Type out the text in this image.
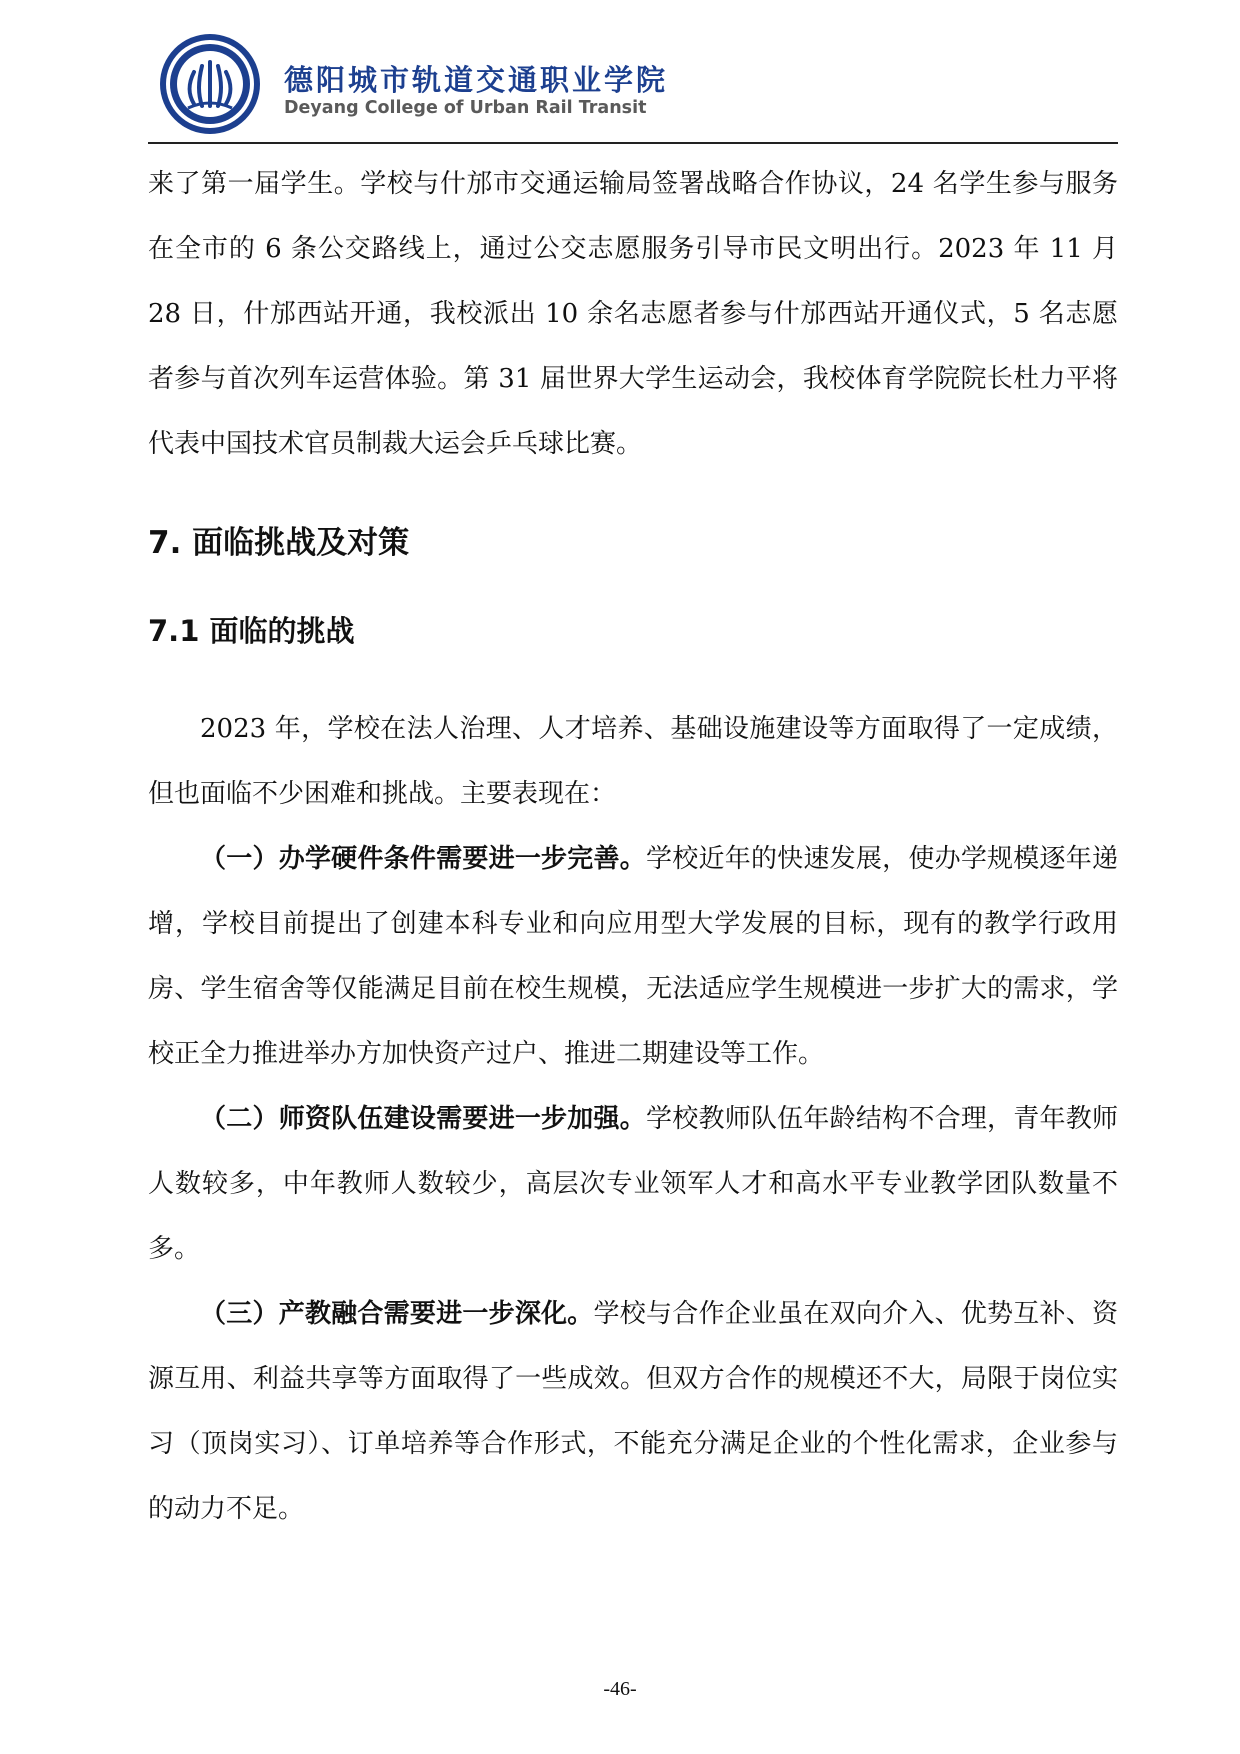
德阳城市轨道交通职业学院
Deyang College of Urban Rail Transit

来了第一届学生。学校与什邡市交通运输局签署战略合作协议，24 名学生参与服务在全市的 6 条公交路线上，通过公交志愿服务引导市民文明出行。2023 年 11 月 28 日，什邡西站开通，我校派出 10 余名志愿者参与什邡西站开通仪式，5 名志愿者参与首次列车运营体验。第 31 届世界大学生运动会，我校体育学院院长杜力平将代表中国技术官员制裁大运会乒乓球比赛。

7. 面临挑战及对策
7.1 面临的挑战

2023 年，学校在法人治理、人才培养、基础设施建设等方面取得了一定成绩，但也面临不少困难和挑战。主要表现在：

（一）办学硬件条件需要进一步完善。学校近年的快速发展，使办学规模逐年递增，学校目前提出了创建本科专业和向应用型大学发展的目标，现有的教学行政用房、学生宿舍等仅能满足目前在校生规模，无法适应学生规模进一步扩大的需求，学校正全力推进举办方加快资产过户、推进二期建设等工作。

（二）师资队伍建设需要进一步加强。学校教师队伍年龄结构不合理，青年教师人数较多，中年教师人数较少，高层次专业领军人才和高水平专业教学团队数量不多。

（三）产教融合需要进一步深化。学校与合作企业虽在双向介入、优势互补、资源互用、利益共享等方面取得了一些成效。但双方合作的规模还不大，局限于岗位实习（顶岗实习）、订单培养等合作形式，不能充分满足企业的个性化需求，企业参与的动力不足。

-46-
